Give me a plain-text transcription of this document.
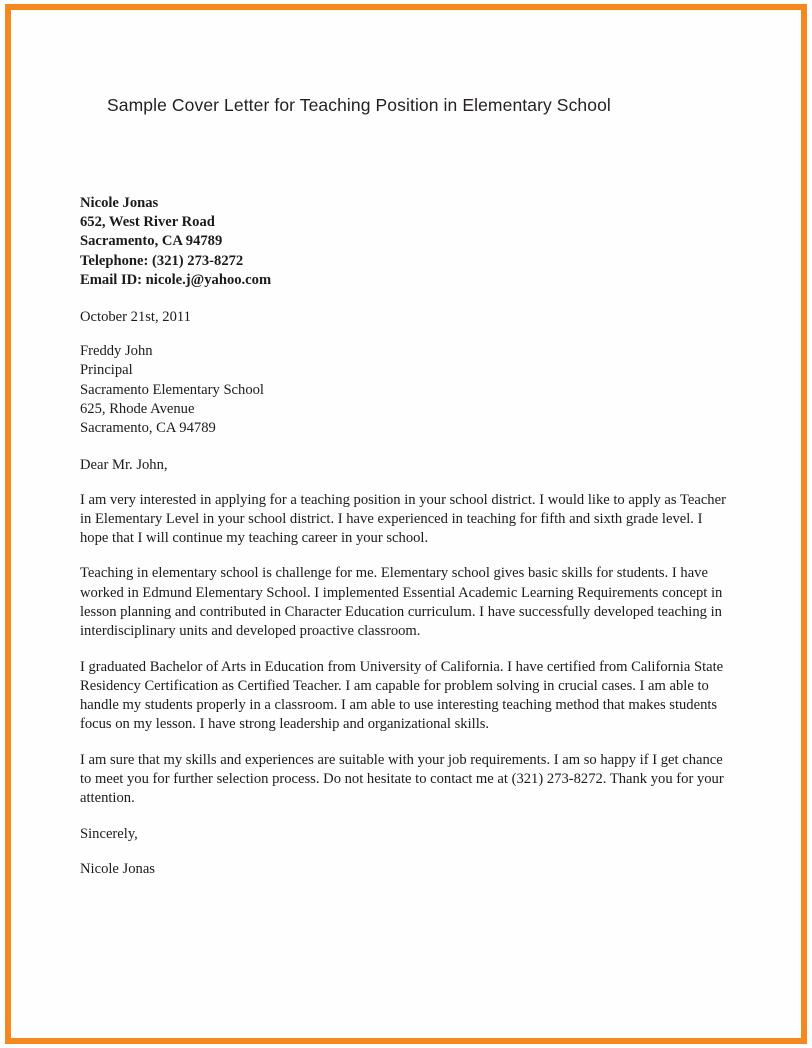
Sample Cover Letter for Teaching Position in Elementary School
Nicole Jonas
652, West River Road
Sacramento, CA 94789
Telephone: (321) 273-8272
Email ID: nicole.j@yahoo.com
October 21st, 2011
Freddy John
Principal
Sacramento Elementary School
625, Rhode Avenue
Sacramento, CA 94789
Dear Mr. John,

I am very interested in applying for a teaching position in your school district. I would like to apply as Teacher in Elementary Level in your school district. I have experienced in teaching for fifth and sixth grade level. I hope that I will continue my teaching career in your school.

Teaching in elementary school is challenge for me. Elementary school gives basic skills for students. I have worked in Edmund Elementary School. I implemented Essential Academic Learning Requirements concept in lesson planning and contributed in Character Education curriculum. I have successfully developed teaching in interdisciplinary units and developed proactive classroom.

I graduated Bachelor of Arts in Education from University of California. I have certified from California State Residency Certification as Certified Teacher. I am capable for problem solving in crucial cases. I am able to handle my students properly in a classroom. I am able to use interesting teaching method that makes students focus on my lesson. I have strong leadership and organizational skills.

I am sure that my skills and experiences are suitable with your job requirements. I am so happy if I get chance to meet you for further selection process. Do not hesitate to contact me at (321) 273-8272. Thank you for your attention.

Sincerely,
Nicole Jonas
